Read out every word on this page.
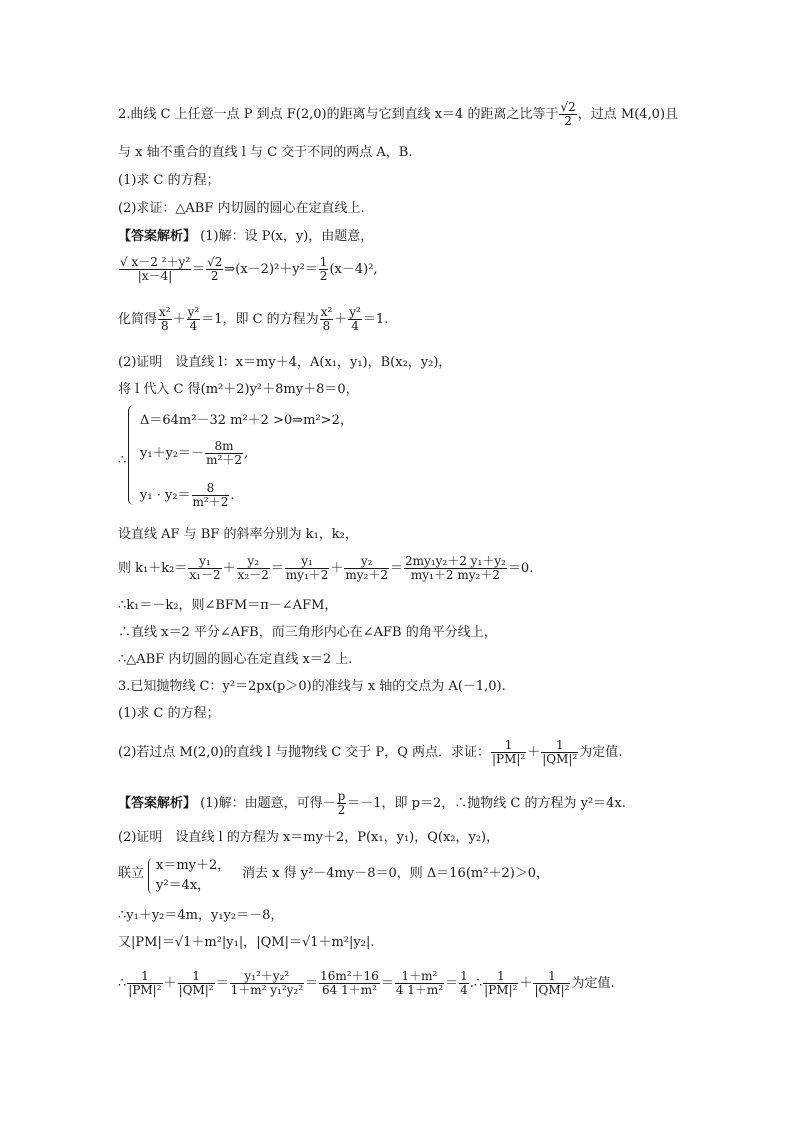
2.曲线 C 上任意一点 P 到点 F(2,0)的距离与它到直线 x＝4 的距离之比等于 $\frac{√2}{2}$ ，过点 M(4,0)且
与 x 轴不重合的直线 l 与 C 交于不同的两点 A，B.
(1)求 C 的方程；
(2)求证：△ABF 内切圆的圆心在定直线上.
【答案解析】 (1)解：设 P(x，y)，由题意，
$\frac{\text{√ x－2 ²＋y²}}{|x-4|} = \frac{√2}{2}$ ⇒(x－2)²＋y²＝ $\frac{1}{2} (x-4)^2$,
化简得 $\frac{\text{x²}}{8} + \frac{\text{y²}}{4} =1$，即 C 的方程为 $\frac{\text{x²}}{8} + \frac{\text{y²}}{4} =1$.
(2)证明　设直线 l：x＝my＋4，A(x₁，y₁)，B(x₂，y₂)，
将 l 代入 C 得(m²＋2)y²＋8my＋8＝0，
Δ＝64m²－32 m²＋2 >0⇒m²>2，
$y_1+y_2=- \frac{8m}{\text{m²＋2}}$ ,
∴
$y_1 \cdot y_2= \frac{8}{\text{m²＋2}}$ .
设直线 AF 与 BF 的斜率分别为 k₁，k₂，
则 $k_1+k_2= \frac{\text{y₁}}{\text{x₁－2}} + \frac{\text{y₂}}{\text{x₂－2}} = \frac{\text{y₁}}{\text{my₁＋2}} + \frac{\text{y₂}}{\text{my₂＋2}} = \frac{\text{2my₁y₂＋2 y₁＋y₂}}{\text{my₁＋2 my₂＋2}} =0$.
∴k₁＝－k₂，则∠BFM＝π－∠AFM，
∴直线 x＝2 平分∠AFB，而三角形内心在∠AFB 的角平分线上，
∴△ABF 内切圆的圆心在定直线 x＝2 上.
3.已知抛物线 C：y²＝2px(p＞0)的准线与 x 轴的交点为 A(－1,0).
(1)求 C 的方程；
(2)若过点 M(2,0)的直线 l 与抛物线 C 交于 P，Q 两点．求证： $\frac{1}{\text{|PM|²}} + \frac{1}{\text{|QM|²}}$ 为定值.
【答案解析】 (1)解：由题意，可得－ $\frac{p}{2} =-1$，即 p＝2，∴抛物线 C 的方程为 y²＝4x.
(2)证明　设直线 l 的方程为 x＝my＋2，P(x₁，y₁)，Q(x₂，y₂)，
联立
x＝my＋2，
y²＝4x，
消去 x 得 y²－4my－8＝0，则 Δ＝16(m²＋2)＞0，
∴y₁＋y₂＝4m，y₁y₂＝－8，
又|PM|＝√1＋m²|y₁|，|QM|＝√1＋m²|y₂|.
∴ $\frac{1}{\text{|PM|²}} + \frac{1}{\text{|QM|²}} = \frac{\text{y₁²＋y₂²}}{\text{1＋m² y₁²y₂²}} = \frac{\text{16m²＋16}}{\text{64 1＋m²}} = \frac{\text{1＋m²}}{\text{4 1＋m²}} = \frac{1}{4}$ .∴ $\frac{1}{\text{|PM|²}} + \frac{1}{\text{|QM|²}}$ 为定值.
